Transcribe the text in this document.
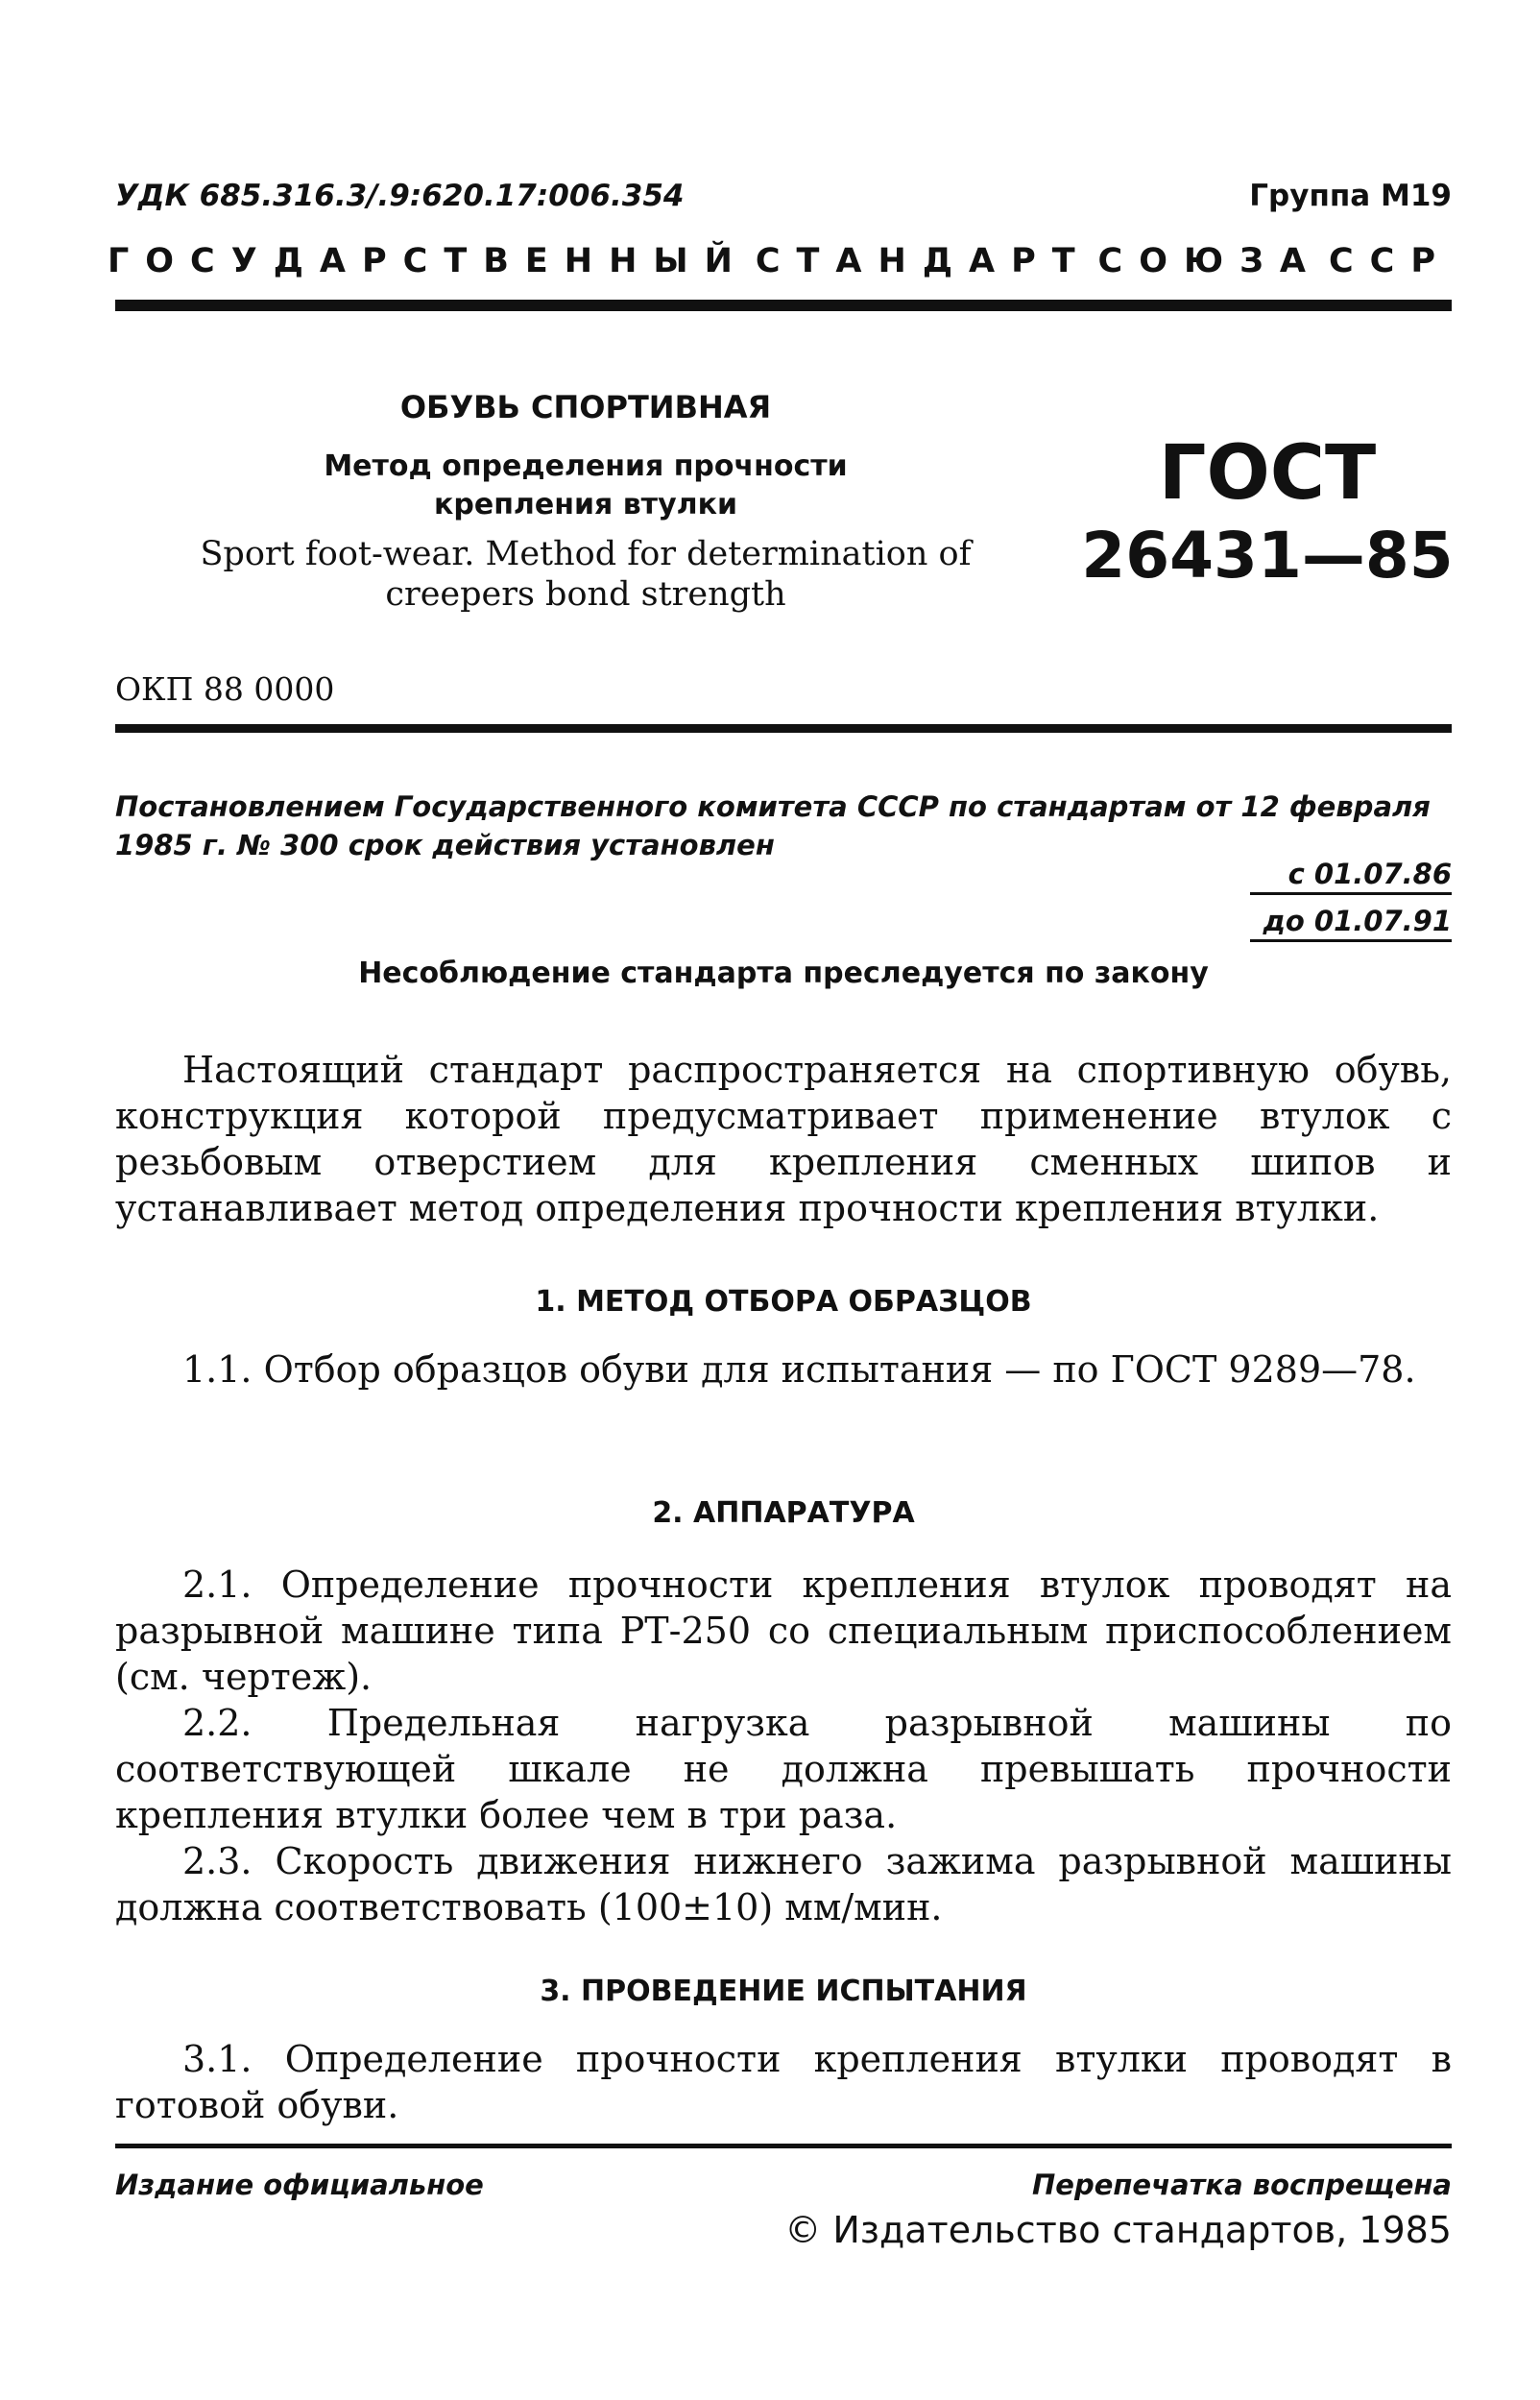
УДК 685.316.3/.9:620.17:006.354	Группа М19
ГОСУДАРСТВЕННЫЙ СТАНДАРТ СОЮЗА ССР
ОБУВЬ СПОРТИВНАЯ
Метод определения прочности
крепления втулки
Sport foot-wear. Method for determination of
creepers bond strength
ГОСТ
26431—85
ОКП 88 0000
Постановлением Государственного комитета СССР по стандартам от 12 февраля 1985 г. № 300 срок действия установлен
с 01.07.86
до 01.07.91
Несоблюдение стандарта преследуется по закону
Настоящий стандарт распространяется на спортивную обувь, конструкция которой предусматривает применение втулок с резьбовым отверстием для крепления сменных шипов и устанавливает метод определения прочности крепления втулки.
1. МЕТОД ОТБОРА ОБРАЗЦОВ
1.1. Отбор образцов обуви для испытания — по ГОСТ 9289—78.
2. АППАРАТУРА
2.1. Определение прочности крепления втулок проводят на разрывной машине типа РТ-250 со специальным приспособлением (см. чертеж).
2.2. Предельная нагрузка разрывной машины по соответствующей шкале не должна превышать прочности крепления втулки более чем в три раза.
2.3. Скорость движения нижнего зажима разрывной машины должна соответствовать (100±10) мм/мин.
3. ПРОВЕДЕНИЕ ИСПЫТАНИЯ
3.1. Определение прочности крепления втулки проводят в готовой обуви.
Издание официальное	Перепечатка воспрещена
© Издательство стандартов, 1985
